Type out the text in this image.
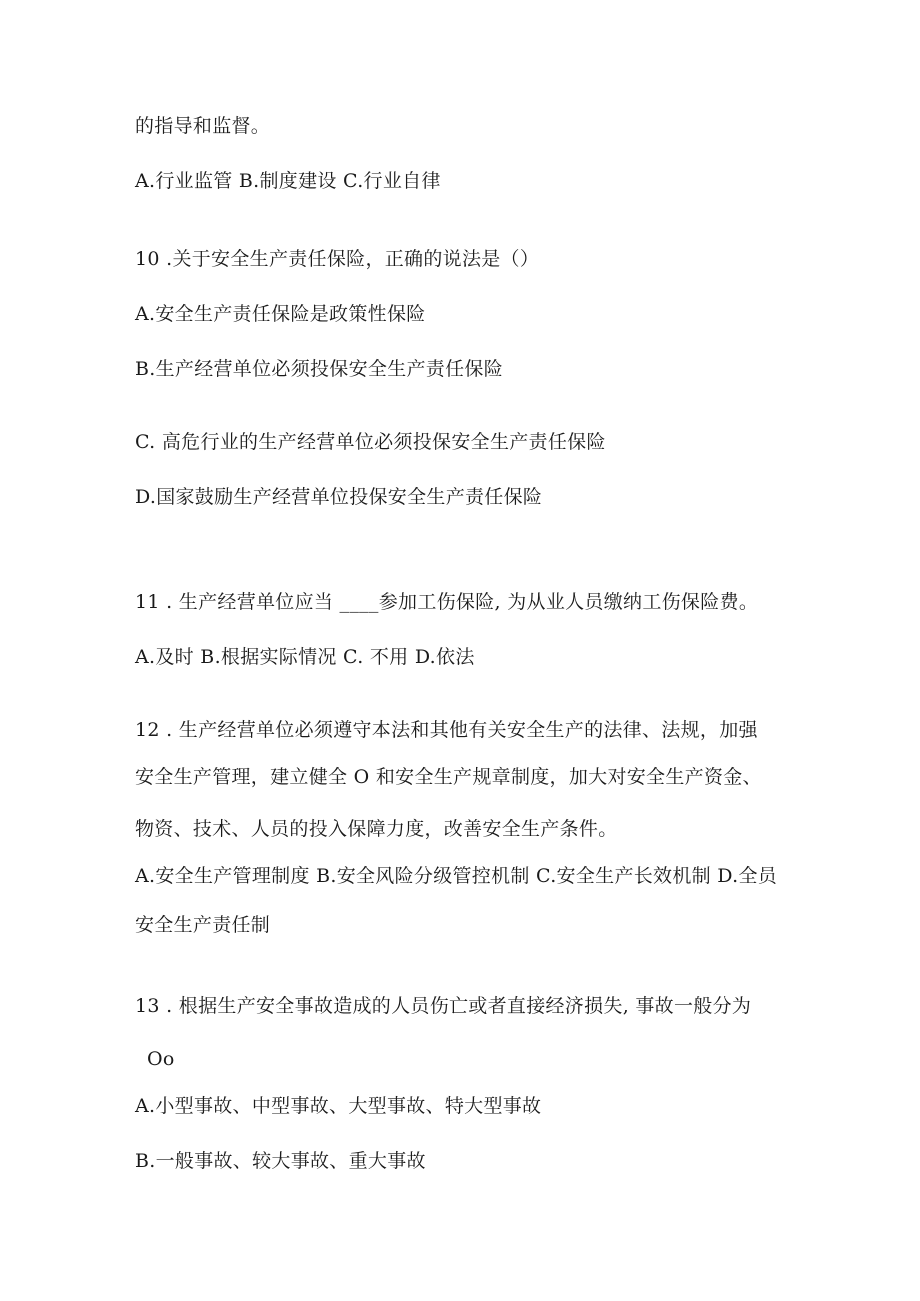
的指导和监督。
A.行业监管 B.制度建设 C.行业自律
10 .关于安全生产责任保险，正确的说法是（）
A.安全生产责任保险是政策性保险
B.生产经营单位必须投保安全生产责任保险
C. 高危行业的生产经营单位必须投保安全生产责任保险
D.国家鼓励生产经营单位投保安全生产责任保险
11 . 生产经营单位应当 ____参加工伤保险, 为从业人员缴纳工伤保险费。
A.及时 B.根据实际情况 C. 不用 D.依法
12 . 生产经营单位必须遵守本法和其他有关安全生产的法律、法规，加强
安全生产管理，建立健全 O 和安全生产规章制度，加大对安全生产资金、
物资、技术、人员的投入保障力度，改善安全生产条件。
A.安全生产管理制度 B.安全风险分级管控机制 C.安全生产长效机制 D.全员
安全生产责任制
13 . 根据生产安全事故造成的人员伤亡或者直接经济损失, 事故一般分为
Oo
A.小型事故、中型事故、大型事故、特大型事故
B.一般事故、较大事故、重大事故
